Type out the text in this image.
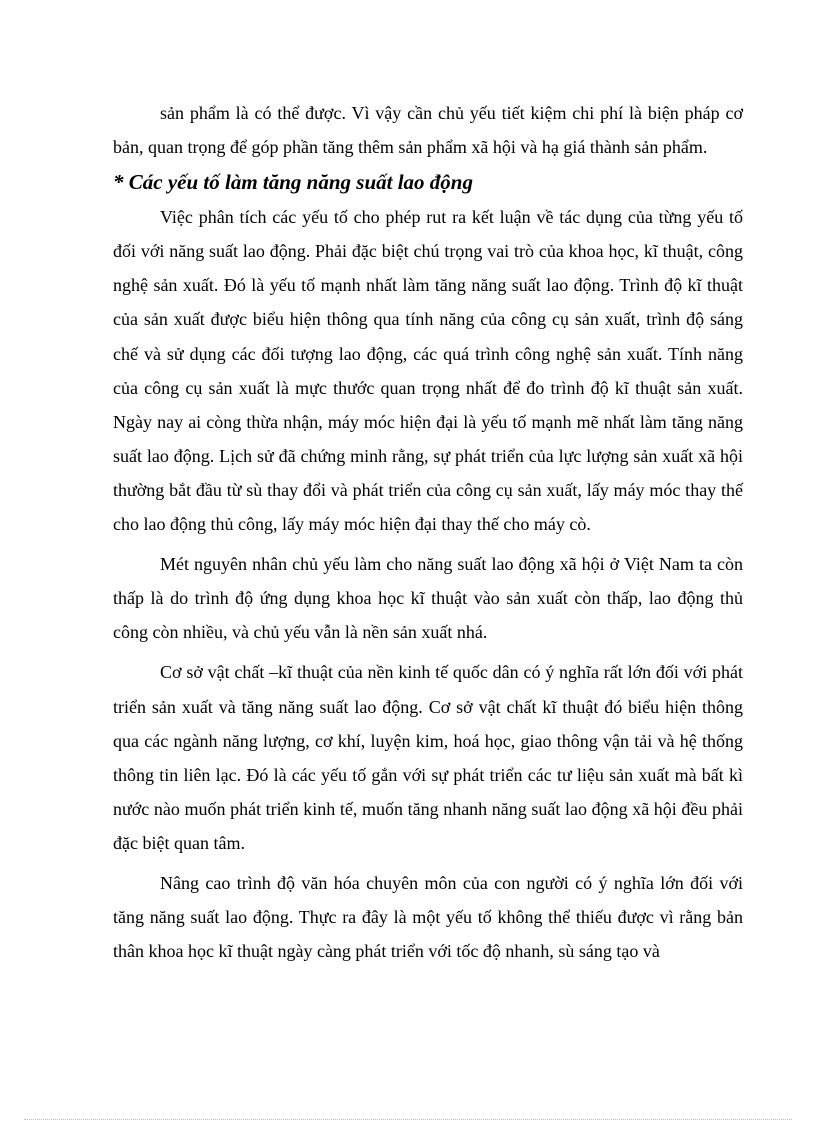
sản phẩm là có thể được. Vì vậy cần chủ yếu tiết kiệm chi phí là biện pháp cơ bản, quan trọng để góp phần tăng thêm sản phẩm xã hội và hạ giá thành sản phẩm.

* Các yếu tố làm tăng năng suất lao động

Việc phân tích các yếu tố cho phép rut ra kết luận về tác dụng của từng yếu tố đối với năng suất lao động. Phải đặc biệt chú trọng vai trò của khoa học, kĩ thuật, công nghệ sản xuất. Đó là yếu tố mạnh nhất làm tăng năng suất lao động. Trình độ kĩ thuật của sản xuất được biểu hiện thông qua tính năng của công cụ sản xuất, trình độ sáng chế và sử dụng các đối tượng lao động, các quá trình công nghệ sản xuất. Tính năng của công cụ sản xuất là mực thước quan trọng nhất để đo trình độ kĩ thuật sản xuất. Ngày nay ai còng thừa nhận, máy móc hiện đại là yếu tố mạnh mẽ nhất làm tăng năng suất lao động. Lịch sử đã chứng minh rằng, sự phát triển của lực lượng sản xuất xã hội thường bắt đầu từ sù thay đổi và phát triển của công cụ sản xuất, lấy máy móc thay thế cho lao động thủ công, lấy máy móc hiện đại thay thế cho máy cò.

Mét nguyên nhân chủ yếu làm cho năng suất lao động xã hội ở Việt Nam ta còn thấp là do trình độ ứng dụng khoa học kĩ thuật vào sản xuất còn thấp, lao động thủ công còn nhiều, và chủ yếu vẫn là nền sản xuất nhá.

Cơ sở vật chất –kĩ thuật của nền kinh tế quốc dân có ý nghĩa rất lớn đối với phát triển sản xuất và tăng năng suất lao động. Cơ sở vật chất kĩ thuật đó biểu hiện thông qua các ngành năng lượng, cơ khí, luyện kim, hoá học, giao thông vận tải và hệ thống thông tin liên lạc. Đó là các yếu tố gắn với sự phát triển các tư liệu sản xuất mà bất kì nước nào muốn phát triển kinh tế, muốn tăng nhanh năng suất lao động xã hội đều phải đặc biệt quan tâm.

Nâng cao trình độ văn hóa chuyên môn của con người có ý nghĩa lớn đối với tăng năng suất lao động. Thực ra đây là một yếu tố không thể thiếu được vì rằng bản thân khoa học kĩ thuật ngày càng phát triển với tốc độ nhanh, sù sáng tạo và
